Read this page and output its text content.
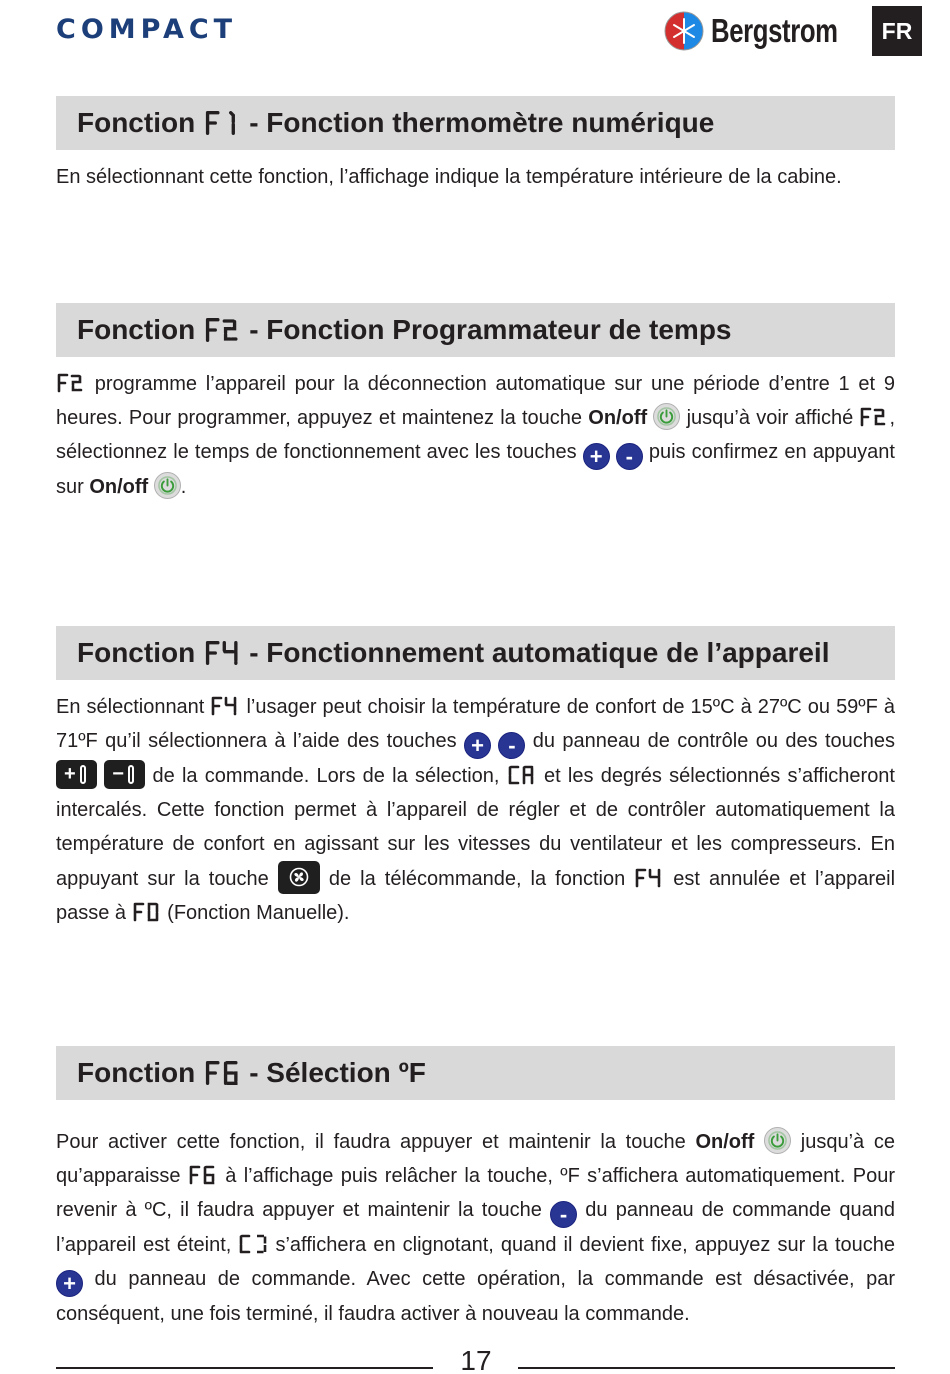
COMPACT	Bergstrom	FR
Fonction - Fonction thermomètre numérique

En sélectionnant cette fonction, l’affichage indique la température intérieure de la cabine.

Fonction - Fonction Programmateur de temps

programme l’appareil pour la déconnection automatique sur une période d’entre 1 et 9 heures. Pour programmer, appuyez et maintenez la touche On/off
jusqu’à voir affiché
, sélectionnez le temps de fonctionnement avec les touches + - puis confirmez en appuyant sur On/off .

Fonction - Fonctionnement automatique de l’appareil

En sélectionnant
l’usager peut choisir la température de confort de 15ºC à 27ºC ou 59ºF à 71ºF qu’il sélectionnera à l’aide des touches + - du panneau de contrôle ou des touches
+
− de la commande. Lors de la sélection,
et les degrés sélectionnés s’afficheront intercalés. Cette fonction permet à l’appareil de régler et de contrôler automatiquement la température de confort en agissant sur les vitesses du ventilateur et les compresseurs. En appuyant sur la touche
de la télécommande, la fonction
est annulée et l’appareil passe à
(Fonction Manuelle).

Fonction - Sélection ºF

Pour activer cette fonction, il faudra appuyer et maintenir la touche On/off
jusqu’à ce qu’apparaisse
à l’affichage puis relâcher la touche, ºF s’affichera automatiquement. Pour revenir à ºC, il faudra appuyer et maintenir la touche - du panneau de commande quand l’appareil est éteint,
s’affichera en clignotant, quand il devient fixe, appuyez sur la touche + du panneau de commande. Avec cette opération, la commande est désactivée, par conséquent, une fois terminé, il faudra activer à nouveau la commande.

17
